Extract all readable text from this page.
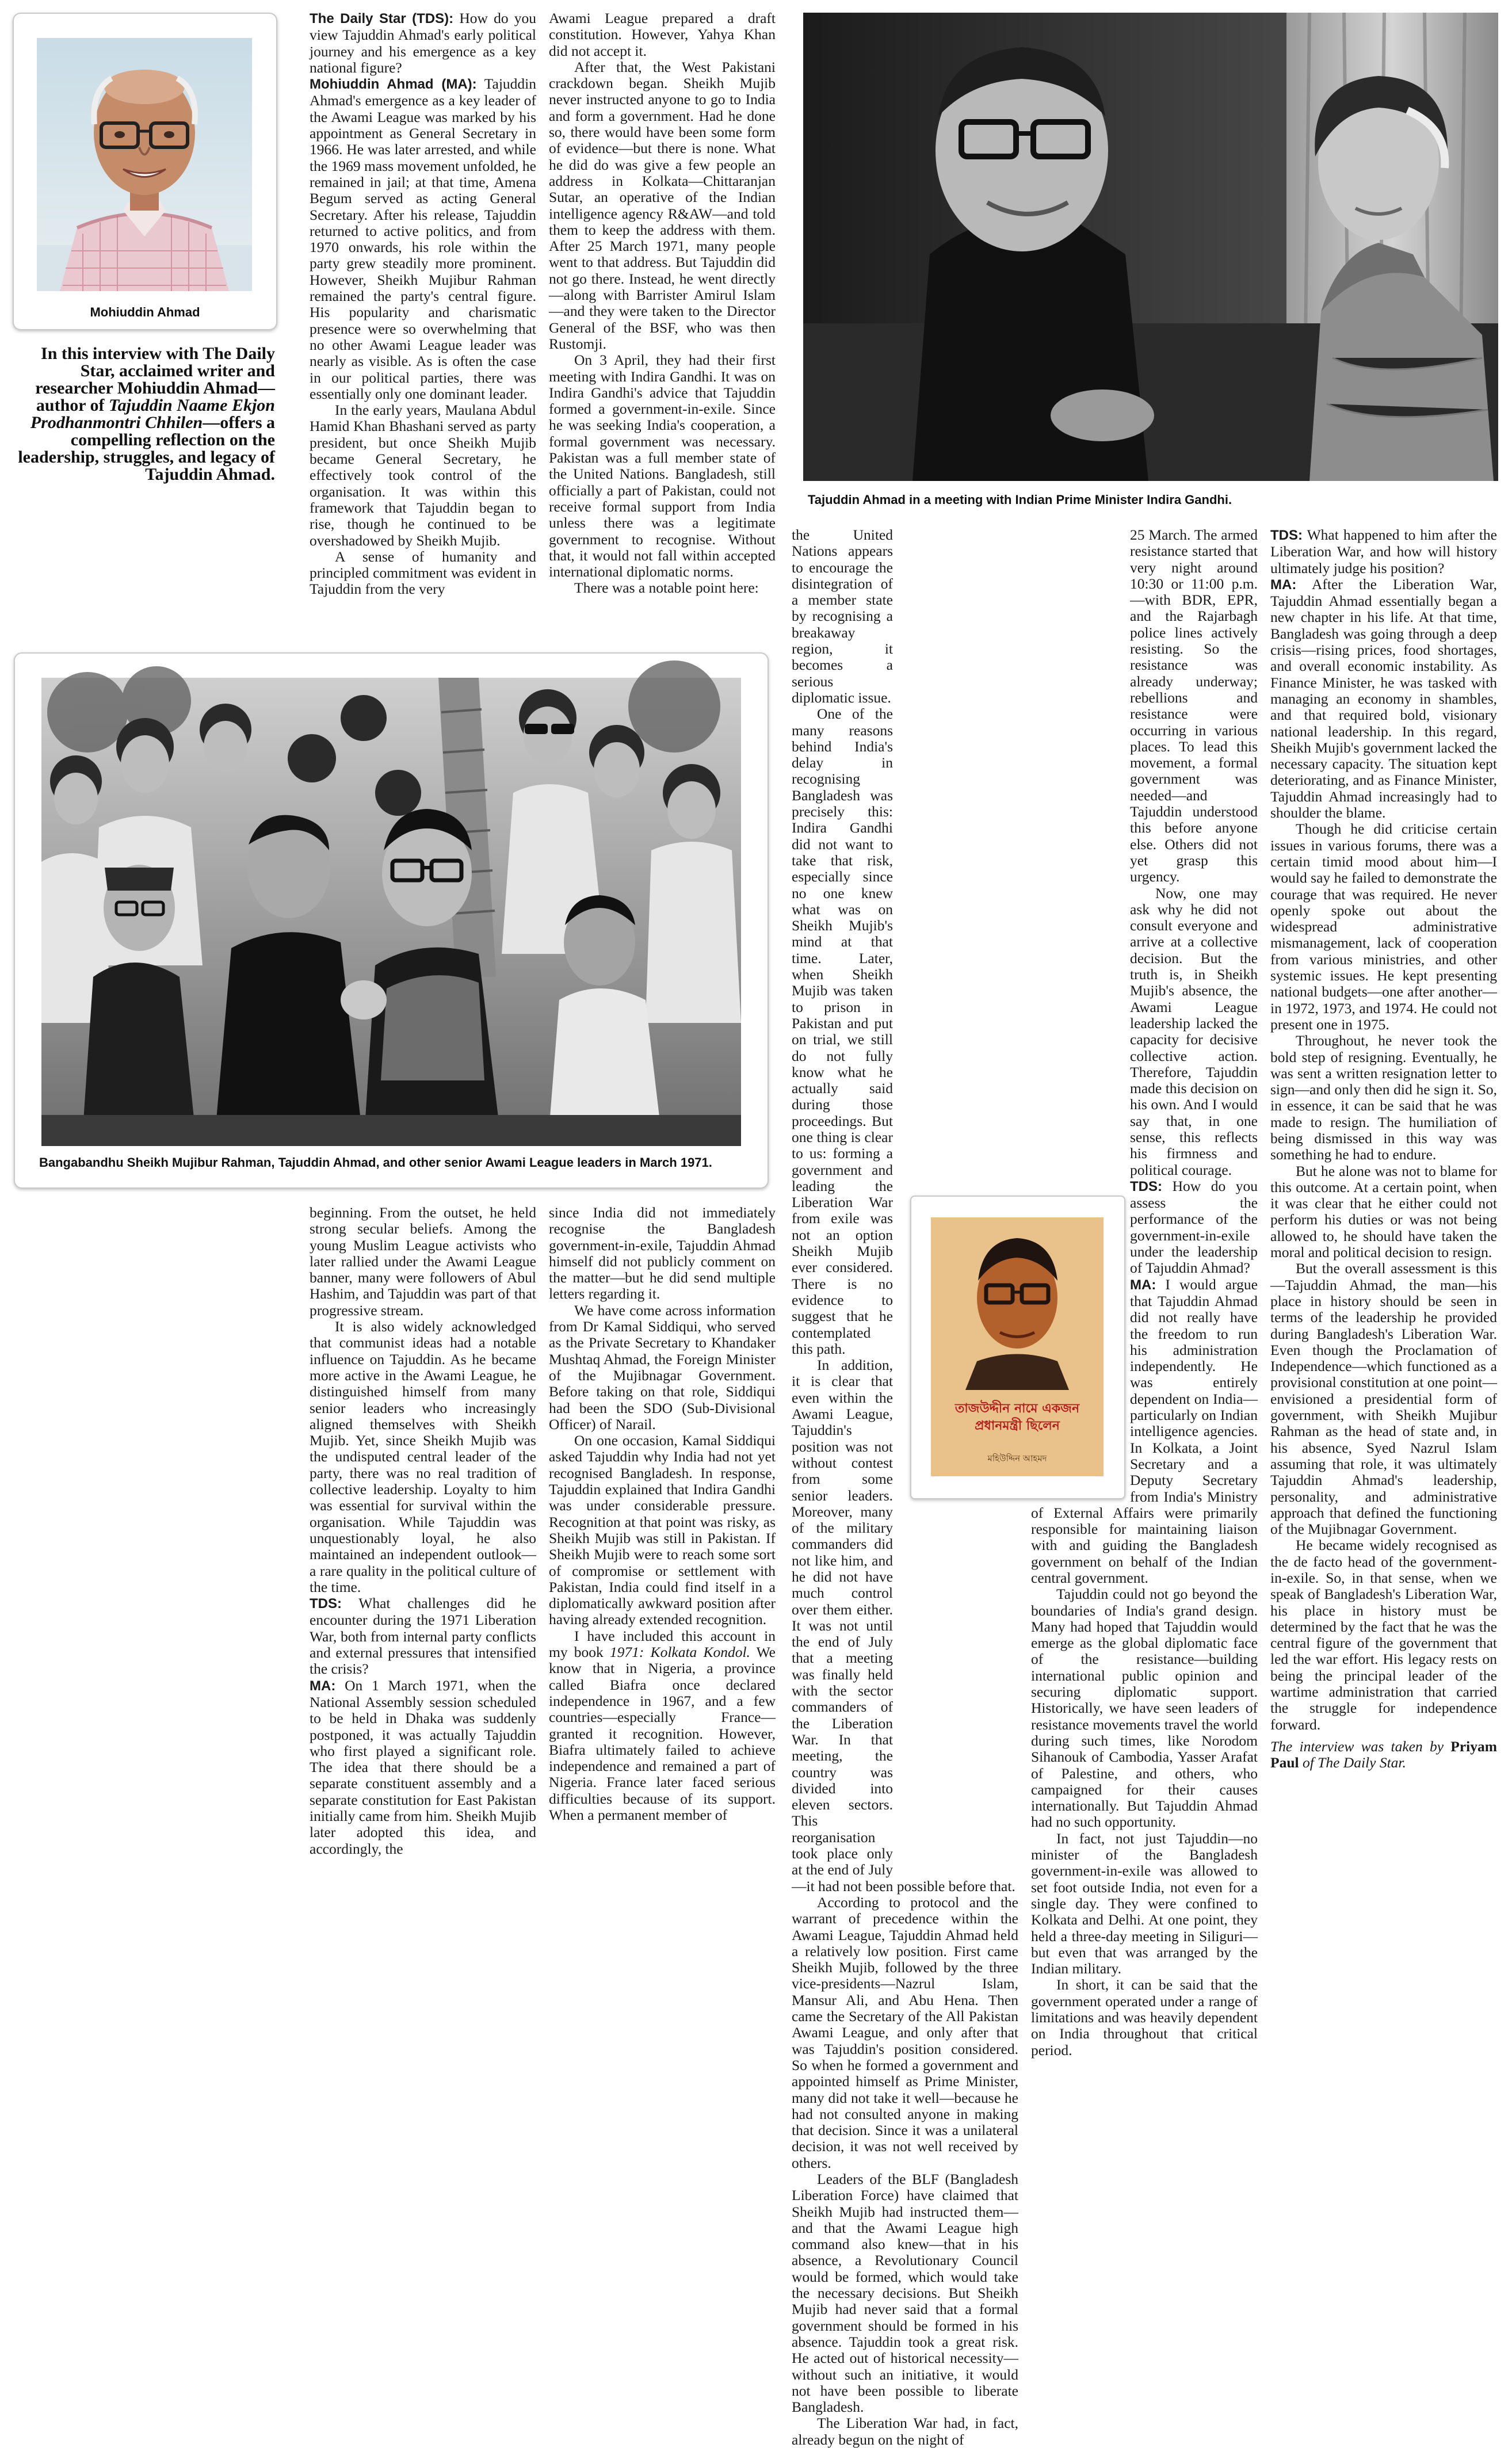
Mohiuddin Ahmad
In this interview with The Daily Star, acclaimed writer and researcher Mohiuddin Ahmad—author of Tajuddin Naame Ekjon Prodhanmontri Chhilen—offers a compelling reflection on the leadership, struggles, and legacy of Tajuddin Ahmad.
Tajuddin Ahmad in a meeting with Indian Prime Minister Indira Gandhi.
Bangabandhu Sheikh Mujibur Rahman, Tajuddin Ahmad, and other senior Awami League leaders in March 1971.
তাজউদ্দীন নামে একজন প্রধানমন্ত্রী ছিলেন
মহিউদ্দিন আহমদ

The Daily Star (TDS): How do you view Tajuddin Ahmad's early political journey and his emergence as a key national figure?

Mohiuddin Ahmad (MA): Tajuddin Ahmad's emergence as a key leader of the Awami League was marked by his appointment as General Secretary in 1966. He was later arrested, and while the 1969 mass movement unfolded, he remained in jail; at that time, Amena Begum served as acting General Secretary. After his release, Tajuddin returned to active politics, and from 1970 onwards, his role within the party grew steadily more prominent. However, Sheikh Mujibur Rahman remained the party's central figure. His popularity and charismatic presence were so overwhelming that no other Awami League leader was nearly as visible. As is often the case in our political parties, there was essentially only one dominant leader.

In the early years, Maulana Abdul Hamid Khan Bhashani served as party president, but once Sheikh Mujib became General Secretary, he effectively took control of the organisation. It was within this framework that Tajuddin began to rise, though he continued to be overshadowed by Sheikh Mujib.

A sense of humanity and principled commitment was evident in Tajuddin from the very

Awami League prepared a draft constitution. However, Yahya Khan did not accept it.

After that, the West Pakistani crackdown began. Sheikh Mujib never instructed anyone to go to India and form a government. Had he done so, there would have been some form of evidence—but there is none. What he did do was give a few people an address in Kolkata—Chittaranjan Sutar, an operative of the Indian intelligence agency R&AW—and told them to keep the address with them. After 25 March 1971, many people went to that address. But Tajuddin did not go there. Instead, he went directly—along with Barrister Amirul Islam—and they were taken to the Director General of the BSF, who was then Rustomji.

On 3 April, they had their first meeting with Indira Gandhi. It was on Indira Gandhi's advice that Tajuddin formed a government-in-exile. Since he was seeking India's cooperation, a formal government was necessary. Pakistan was a full member state of the United Nations. Bangladesh, still officially a part of Pakistan, could not receive formal support from India unless there was a legitimate government to recognise. Without that, it would not fall within accepted international diplomatic norms.

There was a notable point here:

beginning. From the outset, he held strong secular beliefs. Among the young Muslim League activists who later rallied under the Awami League banner, many were followers of Abul Hashim, and Tajuddin was part of that progressive stream.

It is also widely acknowledged that communist ideas had a notable influence on Tajuddin. As he became more active in the Awami League, he distinguished himself from many senior leaders who increasingly aligned themselves with Sheikh Mujib. Yet, since Sheikh Mujib was the undisputed central leader of the party, there was no real tradition of collective leadership. Loyalty to him was essential for survival within the organisation. While Tajuddin was unquestionably loyal, he also maintained an independent outlook—a rare quality in the political culture of the time.

TDS: What challenges did he encounter during the 1971 Liberation War, both from internal party conflicts and external pressures that intensified the crisis?

MA: On 1 March 1971, when the National Assembly session scheduled to be held in Dhaka was suddenly postponed, it was actually Tajuddin who first played a significant role. The idea that there should be a separate constituent assembly and a separate constitution for East Pakistan initially came from him. Sheikh Mujib later adopted this idea, and accordingly, the

since India did not immediately recognise the Bangladesh government-in-exile, Tajuddin Ahmad himself did not publicly comment on the matter—but he did send multiple letters regarding it.

We have come across information from Dr Kamal Siddiqui, who served as the Private Secretary to Khandaker Mushtaq Ahmad, the Foreign Minister of the Mujibnagar Government. Before taking on that role, Siddiqui had been the SDO (Sub-Divisional Officer) of Narail.

On one occasion, Kamal Siddiqui asked Tajuddin why India had not yet recognised Bangladesh. In response, Tajuddin explained that Indira Gandhi was under considerable pressure. Recognition at that point was risky, as Sheikh Mujib was still in Pakistan. If Sheikh Mujib were to reach some sort of compromise or settlement with Pakistan, India could find itself in a diplomatically awkward position after having already extended recognition.

I have included this account in my book 1971: Kolkata Kondol. We know that in Nigeria, a province called Biafra once declared independence in 1967, and a few countries—especially France—granted it recognition. However, Biafra ultimately failed to achieve independence and remained a part of Nigeria. France later faced serious difficulties because of its support. When a permanent member of

the United Nations appears to encourage the disintegration of a member state by recognising a breakaway region, it becomes a serious diplomatic issue.

One of the many reasons behind India's delay in recognising Bangladesh was precisely this: Indira Gandhi did not want to take that risk, especially since no one knew what was on Sheikh Mujib's mind at that time. Later, when Sheikh Mujib was taken to prison in Pakistan and put on trial, we still do not fully know what he actually said during those proceedings. But one thing is clear to us: forming a government and leading the Liberation War from exile was not an option Sheikh Mujib ever considered. There is no evidence to suggest that he contemplated this path.

In addition, it is clear that even within the Awami League, Tajuddin's position was not without contest from some senior leaders. Moreover, many of the military commanders did not like him, and he did not have much control over them either. It was not until the end of July that a meeting was finally held with the sector commanders of the Liberation War. In that meeting, the country was divided into eleven sectors. This reorganisation took place only at the end of July—it had not been possible before that.

According to protocol and the warrant of precedence within the Awami League, Tajuddin Ahmad held a relatively low position. First came Sheikh Mujib, followed by the three vice-presidents—Nazrul Islam, Mansur Ali, and Abu Hena. Then came the Secretary of the All Pakistan Awami League, and only after that was Tajuddin's position considered. So when he formed a government and appointed himself as Prime Minister, many did not take it well—because he had not consulted anyone in making that decision. Since it was a unilateral decision, it was not well received by others.

Leaders of the BLF (Bangladesh Liberation Force) have claimed that Sheikh Mujib had instructed them—and that the Awami League high command also knew—that in his absence, a Revolutionary Council would be formed, which would take the necessary decisions. But Sheikh Mujib had never said that a formal government should be formed in his absence. Tajuddin took a great risk. He acted out of historical necessity—without such an initiative, it would not have been possible to liberate Bangladesh.

The Liberation War had, in fact, already begun on the night of

25 March. The armed resistance started that very night around 10:30 or 11:00 p.m.—with BDR, EPR, and the Rajarbagh police lines actively resisting. So the resistance was already underway; rebellions and resistance were occurring in various places. To lead this movement, a formal government was needed—and Tajuddin understood this before anyone else. Others did not yet grasp this urgency.

Now, one may ask why he did not consult everyone and arrive at a collective decision. But the truth is, in Sheikh Mujib's absence, the Awami League leadership lacked the capacity for decisive collective action. Therefore, Tajuddin made this decision on his own. And I would say that, in one sense, this reflects his firmness and political courage.

TDS: How do you assess the performance of the government-in-exile under the leadership of Tajuddin Ahmad?

MA: I would argue that Tajuddin Ahmad did not really have the freedom to run his administration independently. He was entirely dependent on India—particularly on Indian intelligence agencies. In Kolkata, a Joint Secretary and a Deputy Secretary from India's Ministry of External Affairs were primarily responsible for maintaining liaison with and guiding the Bangladesh government on behalf of the Indian central government.

Tajuddin could not go beyond the boundaries of India's grand design. Many had hoped that Tajuddin would emerge as the global diplomatic face of the resistance—building international public opinion and securing diplomatic support. Historically, we have seen leaders of resistance movements travel the world during such times, like Norodom Sihanouk of Cambodia, Yasser Arafat of Palestine, and others, who campaigned for their causes internationally. But Tajuddin Ahmad had no such opportunity.

In fact, not just Tajuddin—no minister of the Bangladesh government-in-exile was allowed to set foot outside India, not even for a single day. They were confined to Kolkata and Delhi. At one point, they held a three-day meeting in Siliguri—but even that was arranged by the Indian military.

In short, it can be said that the government operated under a range of limitations and was heavily dependent on India throughout that critical period.

TDS: What happened to him after the Liberation War, and how will history ultimately judge his position?

MA: After the Liberation War, Tajuddin Ahmad essentially began a new chapter in his life. At that time, Bangladesh was going through a deep crisis—rising prices, food shortages, and overall economic instability. As Finance Minister, he was tasked with managing an economy in shambles, and that required bold, visionary national leadership. In this regard, Sheikh Mujib's government lacked the necessary capacity. The situation kept deteriorating, and as Finance Minister, Tajuddin Ahmad increasingly had to shoulder the blame.

Though he did criticise certain issues in various forums, there was a certain timid mood about him—I would say he failed to demonstrate the courage that was required. He never openly spoke out about the widespread administrative mismanagement, lack of cooperation from various ministries, and other systemic issues. He kept presenting national budgets—one after another—in 1972, 1973, and 1974. He could not present one in 1975.

Throughout, he never took the bold step of resigning. Eventually, he was sent a written resignation letter to sign—and only then did he sign it. So, in essence, it can be said that he was made to resign. The humiliation of being dismissed in this way was something he had to endure.

But he alone was not to blame for this outcome. At a certain point, when it was clear that he either could not perform his duties or was not being allowed to, he should have taken the moral and political decision to resign.

But the overall assessment is this—Tajuddin Ahmad, the man—his place in history should be seen in terms of the leadership he provided during Bangladesh's Liberation War. Even though the Proclamation of Independence—which functioned as a provisional constitution at one point—envisioned a presidential form of government, with Sheikh Mujibur Rahman as the head of state and, in his absence, Syed Nazrul Islam assuming that role, it was ultimately Tajuddin Ahmad's leadership, personality, and administrative approach that defined the functioning of the Mujibnagar Government.

He became widely recognised as the de facto head of the government-in-exile. So, in that sense, when we speak of Bangladesh's Liberation War, his place in history must be determined by the fact that he was the central figure of the government that led the war effort. His legacy rests on being the principal leader of the wartime administration that carried the struggle for independence forward.

The interview was taken by Priyam Paul of The Daily Star.
